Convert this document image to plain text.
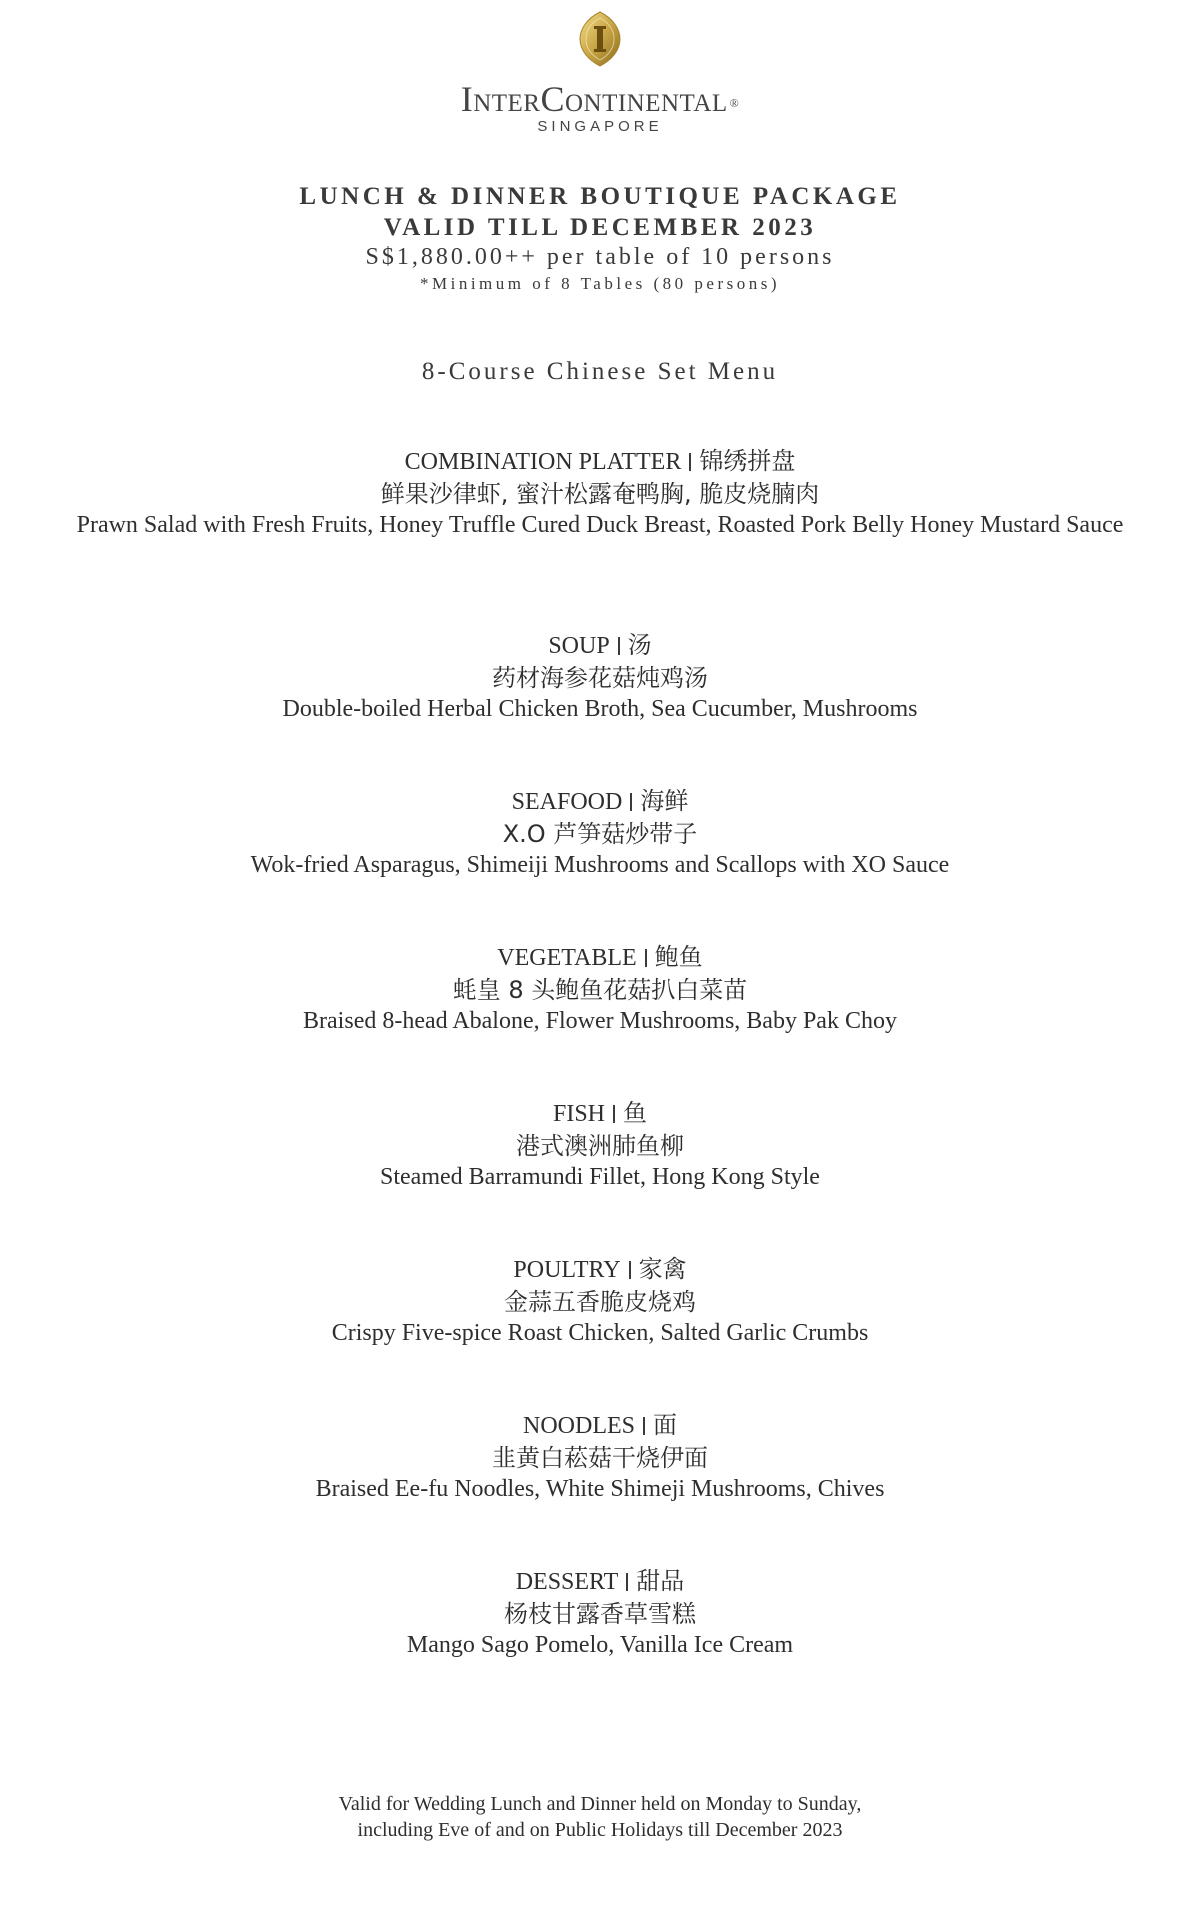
InterContinental ®
SINGAPORE
LUNCH & DINNER BOUTIQUE PACKAGE
VALID TILL DECEMBER 2023
S$1,880.00++ per table of 10 persons
*Minimum of 8 Tables (80 persons)
8-Course Chinese Set Menu
COMBINATION PLATTER 锦绣拼盘
鲜果沙律虾, 蜜汁松露奄鸭胸, 脆皮烧腩肉
Prawn Salad with Fresh Fruits, Honey Truffle Cured Duck Breast, Roasted Pork Belly Honey Mustard Sauce
SOUP 汤
药材海参花菇炖鸡汤
Double-boiled Herbal Chicken Broth, Sea Cucumber, Mushrooms
SEAFOOD 海鲜
X.O 芦笋菇炒带子
Wok-fried Asparagus, Shimeiji Mushrooms and Scallops with XO Sauce
VEGETABLE 鲍鱼
蚝皇 8 头鲍鱼花菇扒白菜苗
Braised 8-head Abalone, Flower Mushrooms, Baby Pak Choy
FISH 鱼
港式澳洲肺鱼柳
Steamed Barramundi Fillet, Hong Kong Style
POULTRY 家禽
金蒜五香脆皮烧鸡
Crispy Five-spice Roast Chicken, Salted Garlic Crumbs
NOODLES 面
韭黄白菘菇干烧伊面
Braised Ee-fu Noodles, White Shimeji Mushrooms, Chives
DESSERT 甜品
杨枝甘露香草雪糕
Mango Sago Pomelo, Vanilla Ice Cream
Valid for Wedding Lunch and Dinner held on Monday to Sunday,
including Eve of and on Public Holidays till December 2023
